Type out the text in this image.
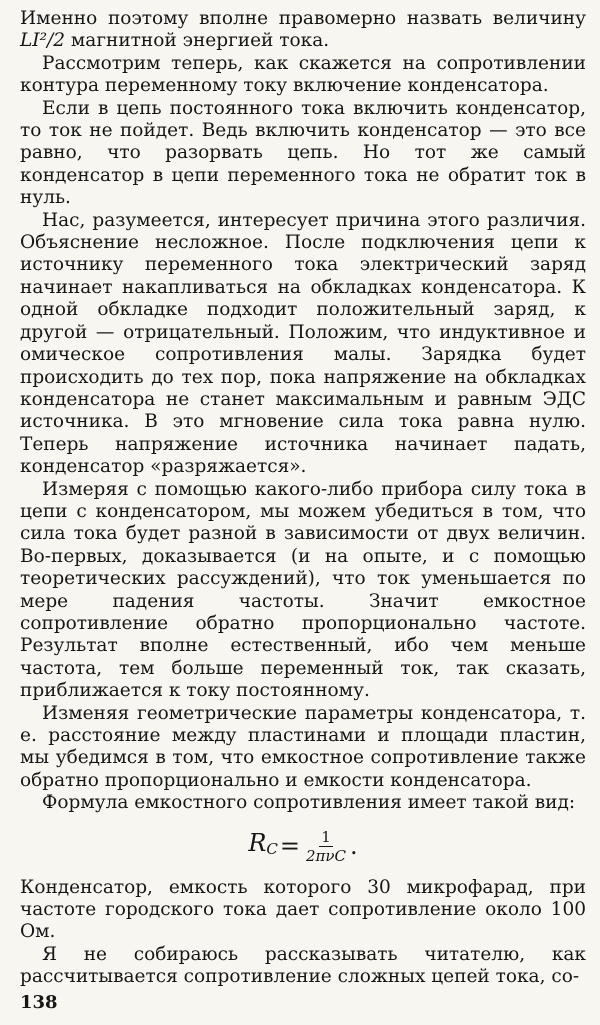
Именно поэтому вполне правомерно назвать величину LI²/2 магнитной энергией тока.

Рассмотрим теперь, как скажется на сопротивлении контура переменному току включение конденсатора.

Если в цепь постоянного тока включить конденсатор, то ток не пойдет. Ведь включить конденсатор — это все равно, что разорвать цепь. Но тот же самый конденсатор в цепи переменного тока не обратит ток в нуль.

Нас, разумеется, интересует причина этого различия. Объяснение несложное. После подключения цепи к источнику переменного тока электрический заряд начинает накапливаться на обкладках конденсатора. К одной обкладке подходит положительный заряд, к другой — отрицательный. Положим, что индуктивное и омическое сопротивления малы. Зарядка будет происходить до тех пор, пока напряжение на обкладках конденсатора не станет максимальным и равным ЭДС источника. В это мгновение сила тока равна нулю. Теперь напряжение источника начинает падать, конденсатор «разряжается».

Измеряя с помощью какого-либо прибора силу тока в цепи с конденсатором, мы можем убедиться в том, что сила тока будет разной в зависимости от двух величин. Во-первых, доказывается (и на опыте, и с помощью теоретических рассуждений), что ток уменьшается по мере падения частоты. Значит емкостное сопротивление обратно пропорционально частоте. Результат вполне естественный, ибо чем меньше частота, тем больше переменный ток, так сказать, приближается к току постоянному.

Изменяя геометрические параметры конденсатора, т. е. расстояние между пластинами и площади пластин, мы убедимся в том, что емкостное сопротивление также обратно пропорционально и емкости конденсатора.

Формула емкостного сопротивления имеет такой вид:

$R_C = \frac{1}{\text{2πνC}}$ .

Конденсатор, емкость которого 30 микрофарад, при частоте городского тока дает сопротивление около 100 Ом.

Я не собираюсь рассказывать читателю, как рассчитывается сопротивление сложных цепей тока, со-

138
